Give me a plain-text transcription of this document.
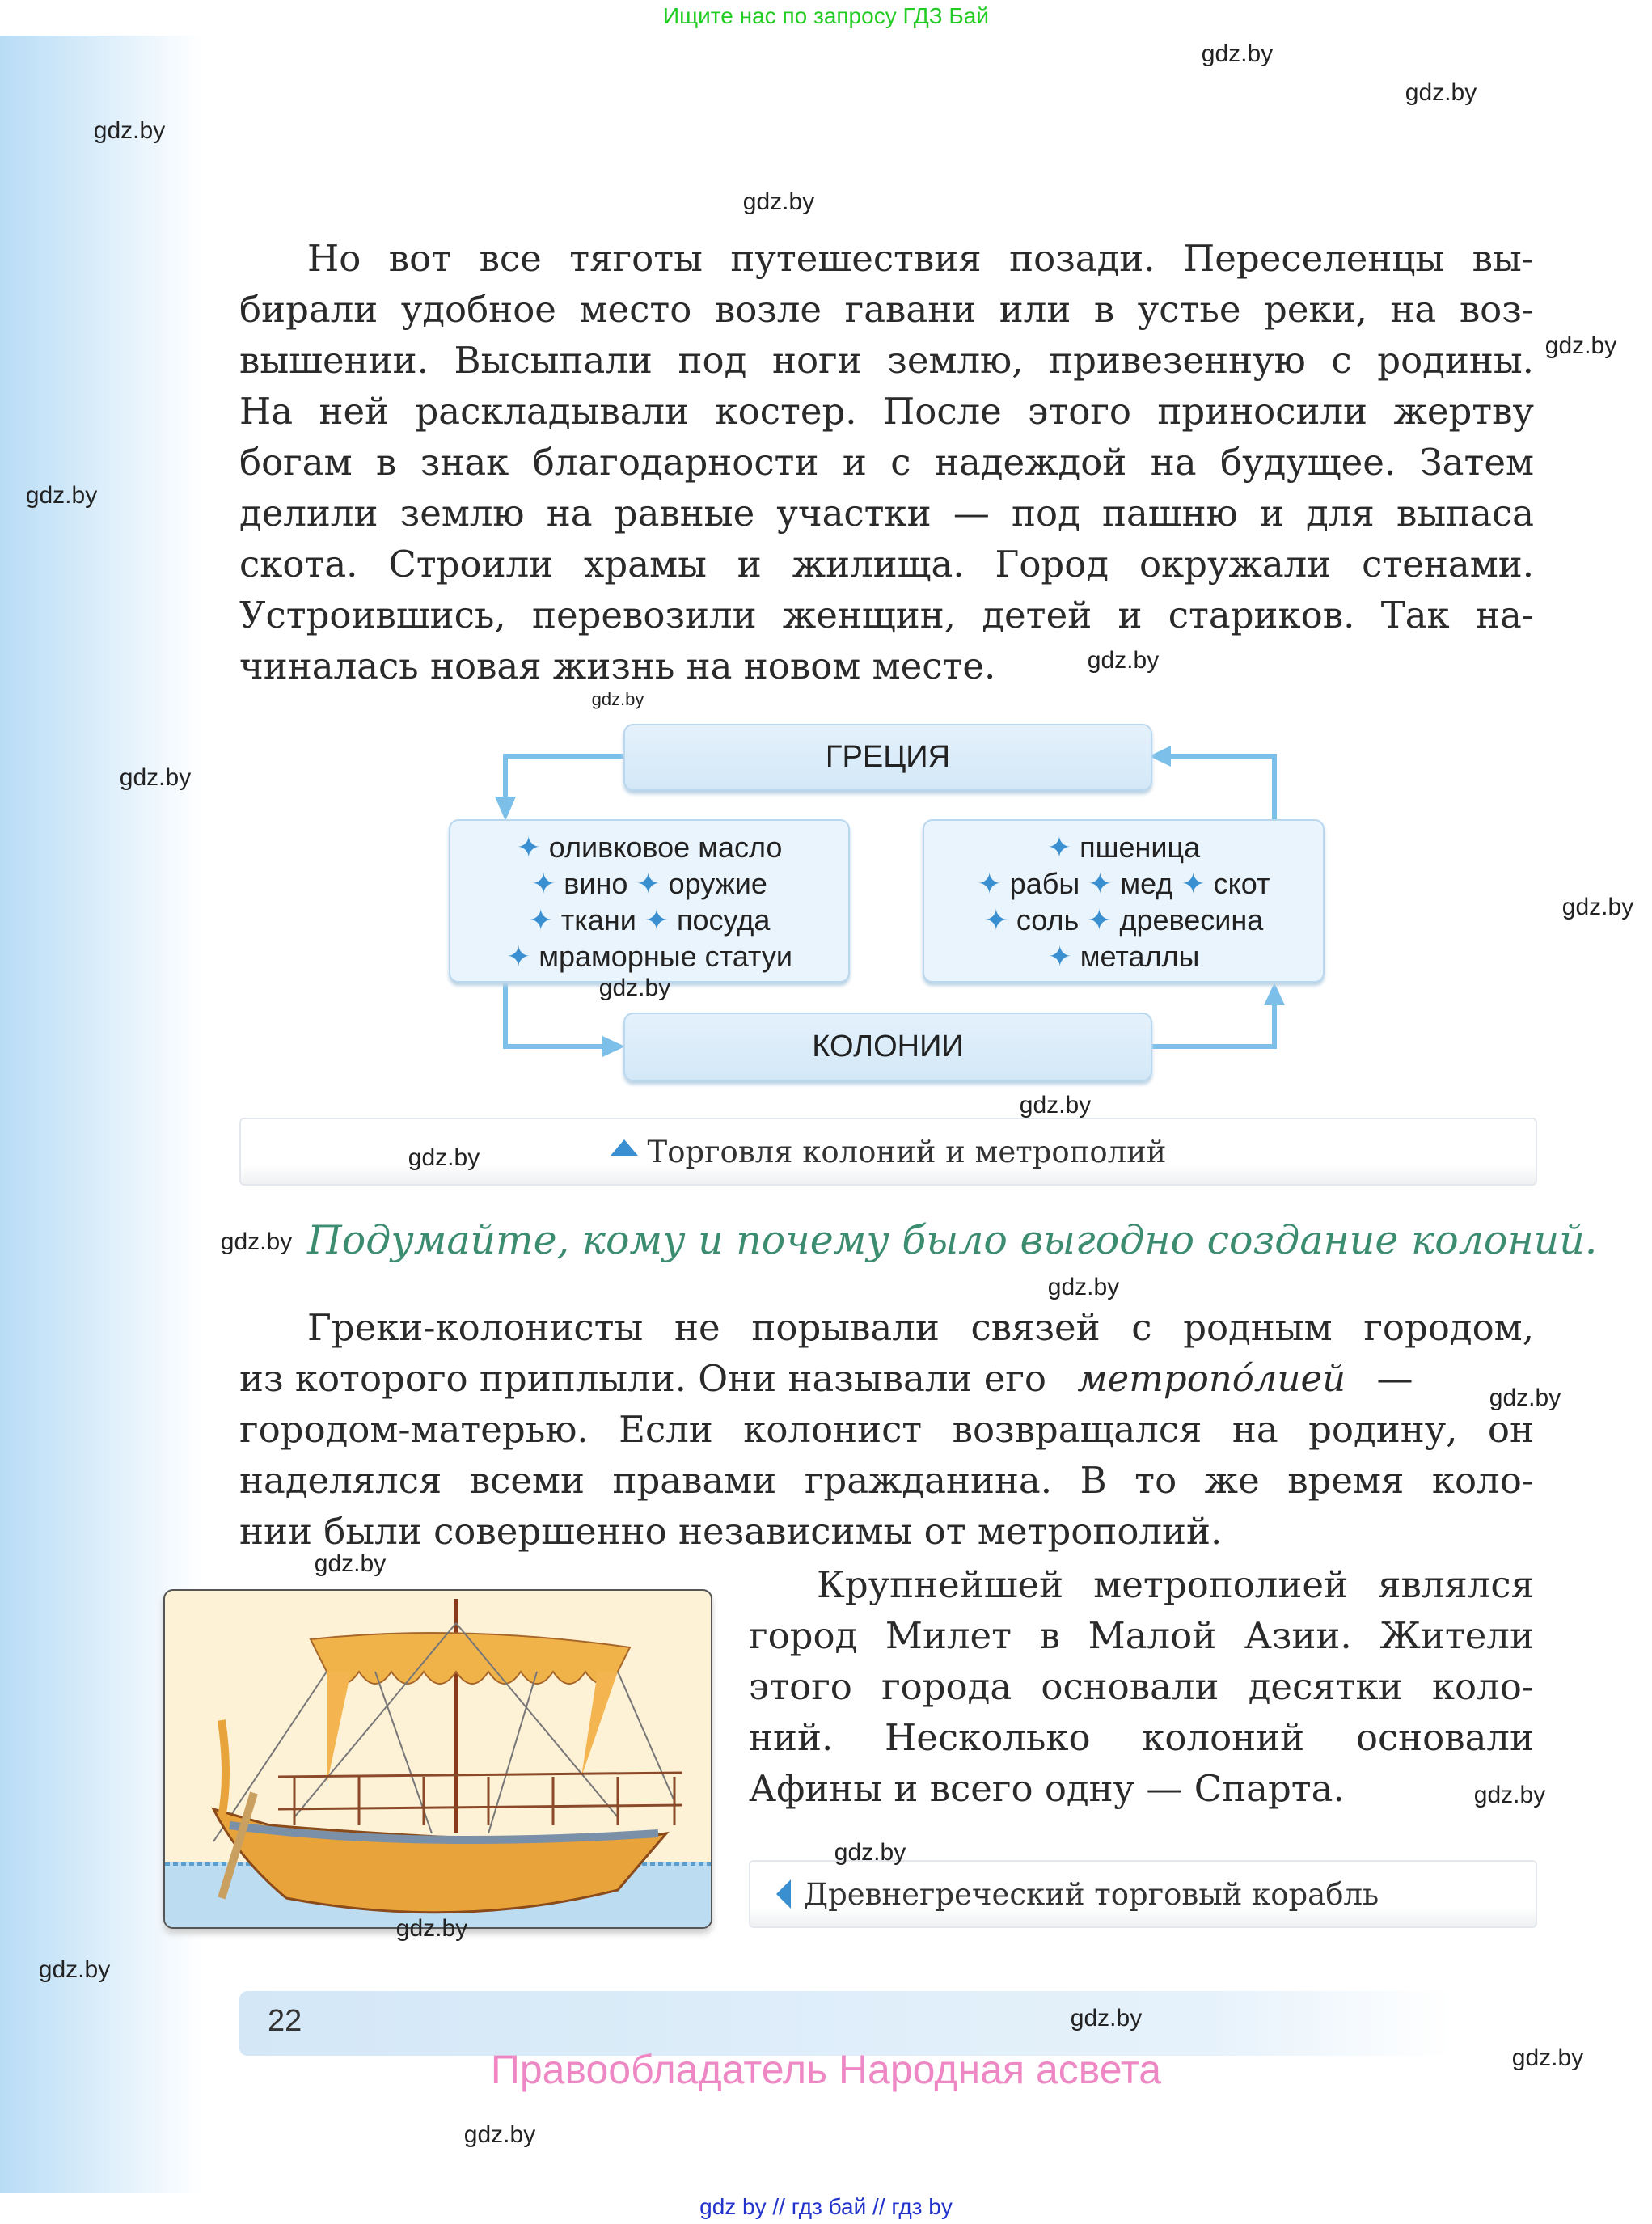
Ищите нас по запросу ГДЗ Бай
Но вот все тяготы путешествия позади. Переселенцы вы-
бирали удобное место возле гавани или в устье реки, на воз-
вышении. Высыпали под ноги землю, привезенную с родины.
На ней раскладывали костер. После этого приносили жертву
богам в знак благодарности и с надеждой на будущее. Затем
делили землю на равные участки — под пашню и для выпаса
скота. Строили храмы и жилища. Город окружали стенами.
Устроившись, перевозили женщин, детей и стариков. Так на-
чиналась новая жизнь на новом месте.
ГРЕЦИЯ
КОЛОНИИ
✦ оливковое масло
✦ вино ✦ оружие
✦ ткани ✦ посуда
✦ мраморные статуи
✦ пшеница
✦ рабы ✦ мед ✦ скот
✦ соль ✦ древесина
✦ металлы
Торговля колоний и метрополий
Подумайте, кому и почему было выгодно создание колоний.
Греки-колонисты не порывали связей с родным городом,
из которого приплыли. Они называли его метропóлией —
городом-матерью. Если колонист возвращался на родину, он
наделялся всеми правами гражданина. В то же время коло-
нии были совершенно независимы от метрополий.
Крупнейшей метрополией являлся
город Милет в Малой Азии. Жители
этого города основали десятки коло-
ний. Несколько колоний основали
Афины и всего одну — Спарта.
Древнегреческий торговый корабль
22
Правообладатель Народная асвета
gdz by // гдз бай // гдз by
gdz.by
gdz.by
gdz.by
gdz.by
gdz.by
gdz.by
gdz.by
gdz.by
gdz.by
gdz.by
gdz.by
gdz.by
gdz.by
gdz.by
gdz.by
gdz.by
gdz.by
gdz.by
gdz.by
gdz.by
gdz.by
gdz.by
gdz.by
gdz.by
